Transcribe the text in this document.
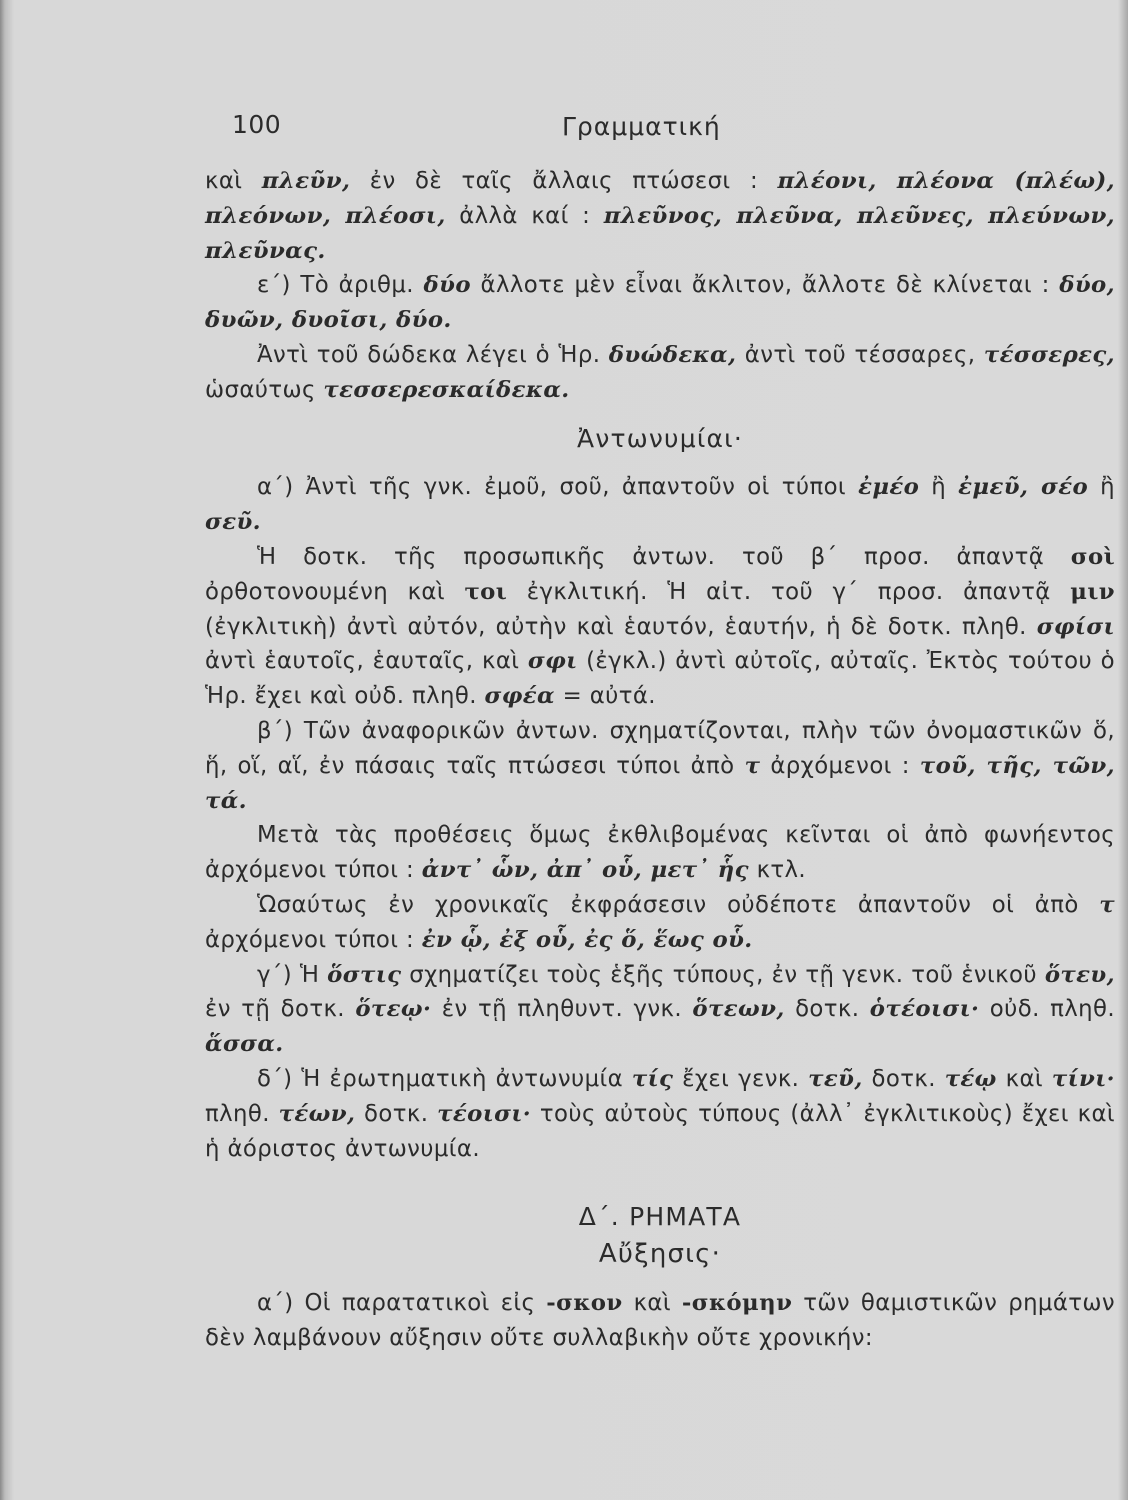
100	Γραμματική

καὶ πλεῦν, ἐν δὲ ταῖς ἄλλαις πτώσεσι : πλέονι, πλέονα (πλέω), πλεόνων, πλέοσι, ἀλλὰ καί : πλεῦνος, πλεῦνα, πλεῦνες, πλεύνων, πλεῦνας.

ε΄) Τὸ ἀριθμ. δύο ἄλλοτε μὲν εἶναι ἄκλιτον, ἄλλοτε δὲ κλίνεται : δύο, δυῶν, δυοῖσι, δύο.

Ἀντὶ τοῦ δώδεκα λέγει ὁ Ἡρ. δυώδεκα, ἀντὶ τοῦ τέσσαρες, τέσσερες, ὡσαύτως τεσσερεσκαίδεκα.

Ἀντωνυμίαι·

α΄) Ἀντὶ τῆς γνκ. ἐμοῦ, σοῦ, ἀπαντοῦν οἱ τύποι ἐμέο ἢ ἐμεῦ, σέο ἢ σεῦ.

Ἡ δοτκ. τῆς προσωπικῆς ἀντων. τοῦ β΄ προσ. ἀπαντᾷ σοὶ ὀρθοτονουμένη καὶ τοι ἐγκλιτική. Ἡ αἰτ. τοῦ γ΄ προσ. ἀπαντᾷ μιν (ἐγκλιτικὴ) ἀντὶ αὐτόν, αὐτὴν καὶ ἑαυτόν, ἑαυτήν, ἡ δὲ δοτκ. πληθ. σφίσι ἀντὶ ἑαυτοῖς, ἑαυταῖς, καὶ σφι (ἐγκλ.) ἀντὶ αὐτοῖς, αὐταῖς. Ἐκτὸς τούτου ὁ Ἡρ. ἔχει καὶ οὐδ. πληθ. σφέα = αὐτά.

β΄) Τῶν ἀναφορικῶν ἀντων. σχηματίζονται, πλὴν τῶν ὀνομαστικῶν ὅ, ἥ, οἵ, αἵ, ἐν πάσαις ταῖς πτώσεσι τύποι ἀπὸ τ ἀρχόμενοι : τοῦ, τῆς, τῶν, τά.

Μετὰ τὰς προθέσεις ὅμως ἐκθλιβομένας κεῖνται οἱ ἀπὸ φωνήεντος ἀρχόμενοι τύποι : ἀντ᾽ ὧν, ἀπ᾽ οὗ, μετ᾽ ἧς κτλ.

Ὡσαύτως ἐν χρονικαῖς ἐκφράσεσιν οὐδέποτε ἀπαντοῦν οἱ ἀπὸ τ ἀρχόμενοι τύποι : ἐν ᾧ, ἐξ οὗ, ἐς ὅ, ἕως οὗ.

γ΄) Ἡ ὅστις σχηματίζει τοὺς ἑξῆς τύπους, ἐν τῇ γενκ. τοῦ ἑνικοῦ ὅτευ, ἐν τῇ δοτκ. ὅτεῳ· ἐν τῇ πληθυντ. γνκ. ὅτεων, δοτκ. ὁτέοισι· οὐδ. πληθ. ἅσσα.

δ΄) Ἡ ἐρωτηματικὴ ἀντωνυμία τίς ἔχει γενκ. τεῦ, δοτκ. τέῳ καὶ τίνι· πληθ. τέων, δοτκ. τέοισι· τοὺς αὐτοὺς τύπους (ἀλλ᾽ ἐγκλιτικοὺς) ἔχει καὶ ἡ ἀόριστος ἀντωνυμία.

Δ΄. ΡΗΜΑΤΑ

Αὔξησις·

α΄) Οἱ παρατατικοὶ εἰς -σκον καὶ -σκόμην τῶν θαμιστικῶν ρημάτων δὲν λαμβάνουν αὔξησιν οὔτε συλλαβικὴν οὔτε χρονικήν:
